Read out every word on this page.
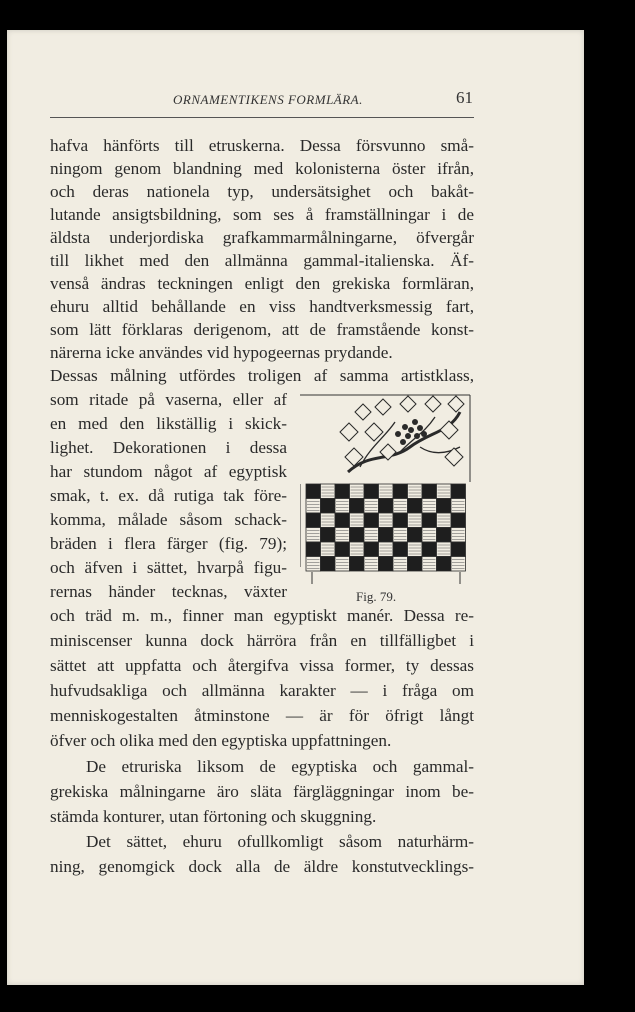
ORNAMENTIKENS FORMLÄRA.	61
hafva hänförts till etruskerna. Dessa försvunno små-
ningom genom blandning med kolonisterna öster ifrån,
och deras nationela typ, undersätsighet och bakåt-
lutande ansigtsbildning, som ses å framställningar i de
äldsta underjordiska grafkammarmålningarne, öfvergår
till likhet med den allmänna gammal-italienska. Äf-
venså ändras teckningen enligt den grekiska formläran,
ehuru alltid behållande en viss handtverksmessig fart,
som lätt förklaras derigenom, att de framstående konst-
närerna icke användes vid hypogeernas prydande.
Dessas målning utfördes troligen af samma artistklass,
som ritade på vaserna, eller af
en med den likställig i skick-
lighet. Dekorationen i dessa
har stundom något af egyptisk
smak, t. ex. då rutiga tak före-
komma, målade såsom schack-
bräden i flera färger (fig. 79);
och äfven i sättet, hvarpå figu-
rernas händer tecknas, växter	Fig. 79.
och träd m. m., finner man egyptiskt manér. Dessa re-
miniscenser kunna dock härröra från en tillfälligbet i
sättet att uppfatta och återgifva vissa former, ty dessas
hufvudsakliga och allmänna karakter — i fråga om
menniskogestalten åtminstone — är för öfrigt långt
öfver och olika med den egyptiska uppfattningen.
De etruriska liksom de egyptiska och gammal-
grekiska målningarne äro släta färgläggningar inom be-
stämda konturer, utan förtoning och skuggning.
Det sättet, ehuru ofullkomligt såsom naturhärm-
ning, genomgick dock alla de äldre konstutvecklings-
